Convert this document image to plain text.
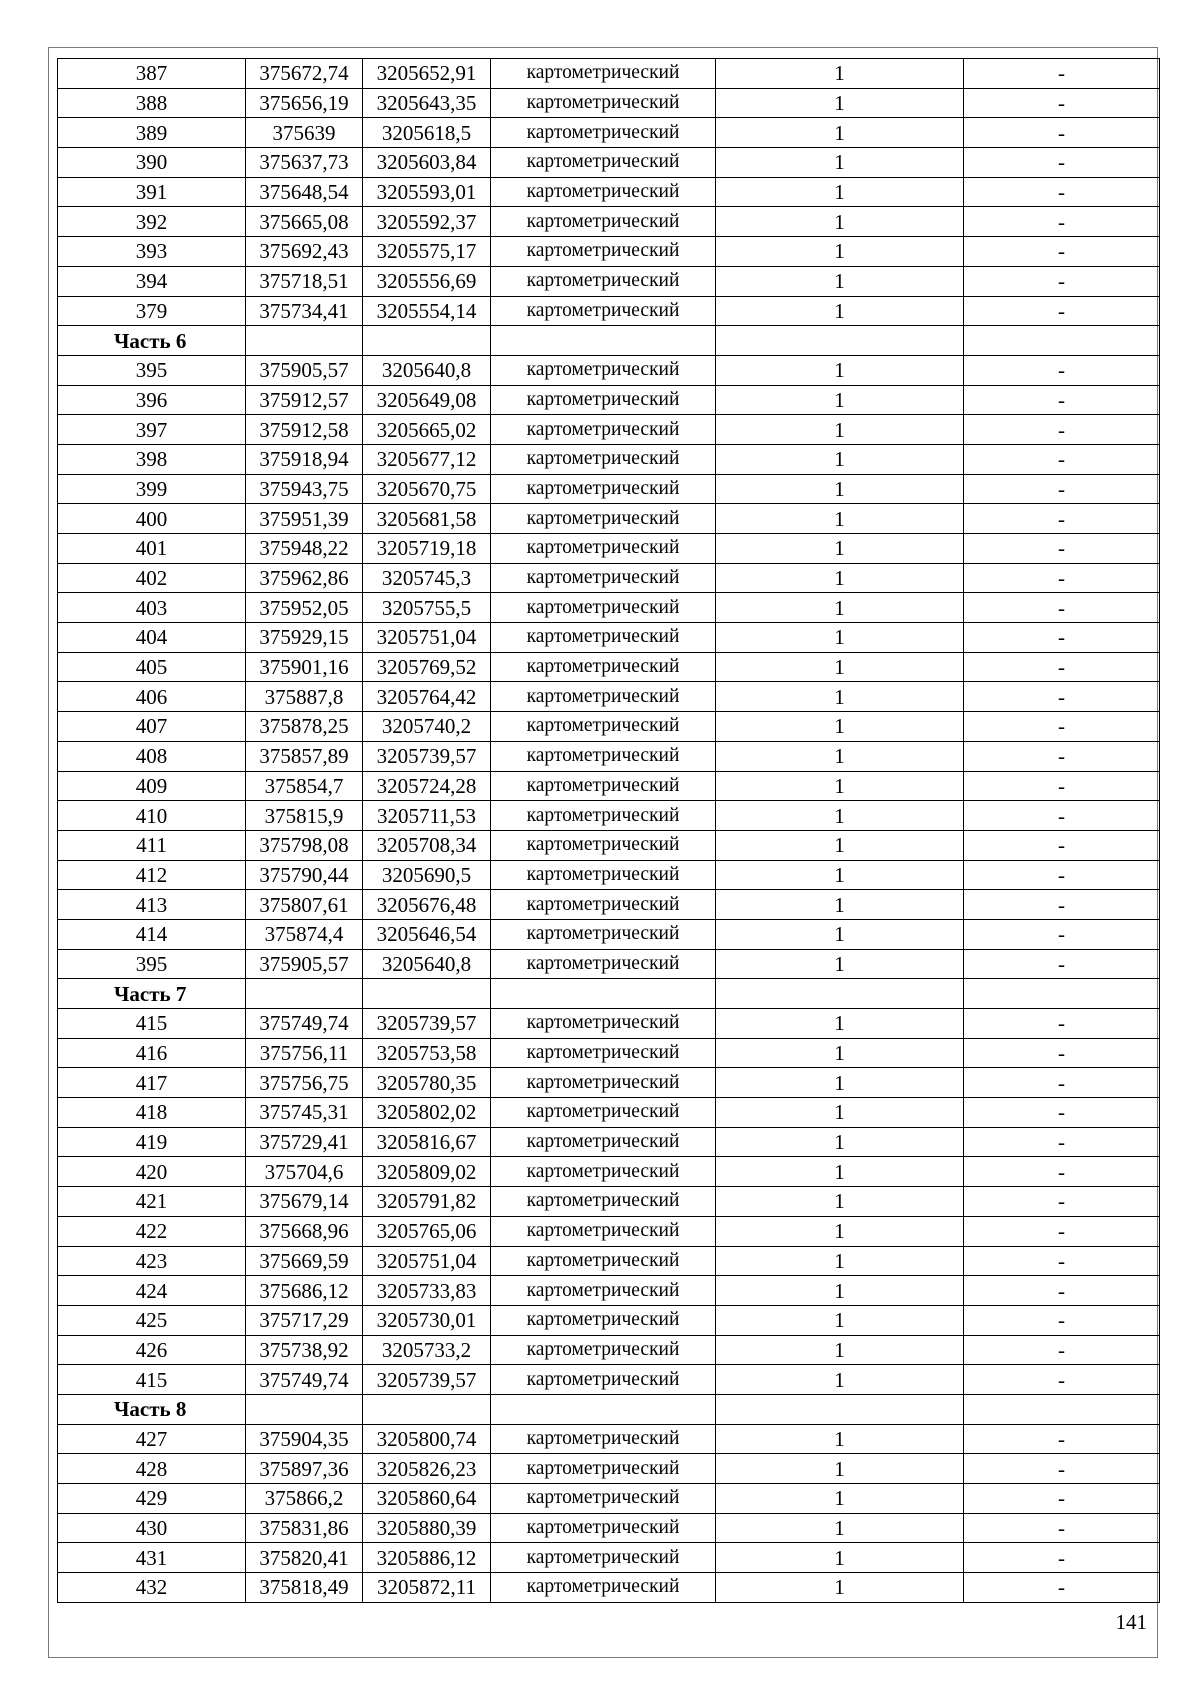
387	375672,74	3205652,91	картометрический	1	-
388	375656,19	3205643,35	картометрический	1	-
389	375639	3205618,5	картометрический	1	-
390	375637,73	3205603,84	картометрический	1	-
391	375648,54	3205593,01	картометрический	1	-
392	375665,08	3205592,37	картометрический	1	-
393	375692,43	3205575,17	картометрический	1	-
394	375718,51	3205556,69	картометрический	1	-
379	375734,41	3205554,14	картометрический	1	-
Часть 6					
395	375905,57	3205640,8	картометрический	1	-
396	375912,57	3205649,08	картометрический	1	-
397	375912,58	3205665,02	картометрический	1	-
398	375918,94	3205677,12	картометрический	1	-
399	375943,75	3205670,75	картометрический	1	-
400	375951,39	3205681,58	картометрический	1	-
401	375948,22	3205719,18	картометрический	1	-
402	375962,86	3205745,3	картометрический	1	-
403	375952,05	3205755,5	картометрический	1	-
404	375929,15	3205751,04	картометрический	1	-
405	375901,16	3205769,52	картометрический	1	-
406	375887,8	3205764,42	картометрический	1	-
407	375878,25	3205740,2	картометрический	1	-
408	375857,89	3205739,57	картометрический	1	-
409	375854,7	3205724,28	картометрический	1	-
410	375815,9	3205711,53	картометрический	1	-
411	375798,08	3205708,34	картометрический	1	-
412	375790,44	3205690,5	картометрический	1	-
413	375807,61	3205676,48	картометрический	1	-
414	375874,4	3205646,54	картометрический	1	-
395	375905,57	3205640,8	картометрический	1	-
Часть 7					
415	375749,74	3205739,57	картометрический	1	-
416	375756,11	3205753,58	картометрический	1	-
417	375756,75	3205780,35	картометрический	1	-
418	375745,31	3205802,02	картометрический	1	-
419	375729,41	3205816,67	картометрический	1	-
420	375704,6	3205809,02	картометрический	1	-
421	375679,14	3205791,82	картометрический	1	-
422	375668,96	3205765,06	картометрический	1	-
423	375669,59	3205751,04	картометрический	1	-
424	375686,12	3205733,83	картометрический	1	-
425	375717,29	3205730,01	картометрический	1	-
426	375738,92	3205733,2	картометрический	1	-
415	375749,74	3205739,57	картометрический	1	-
Часть 8					
427	375904,35	3205800,74	картометрический	1	-
428	375897,36	3205826,23	картометрический	1	-
429	375866,2	3205860,64	картометрический	1	-
430	375831,86	3205880,39	картометрический	1	-
431	375820,41	3205886,12	картометрический	1	-
432	375818,49	3205872,11	картометрический	1	-
141
